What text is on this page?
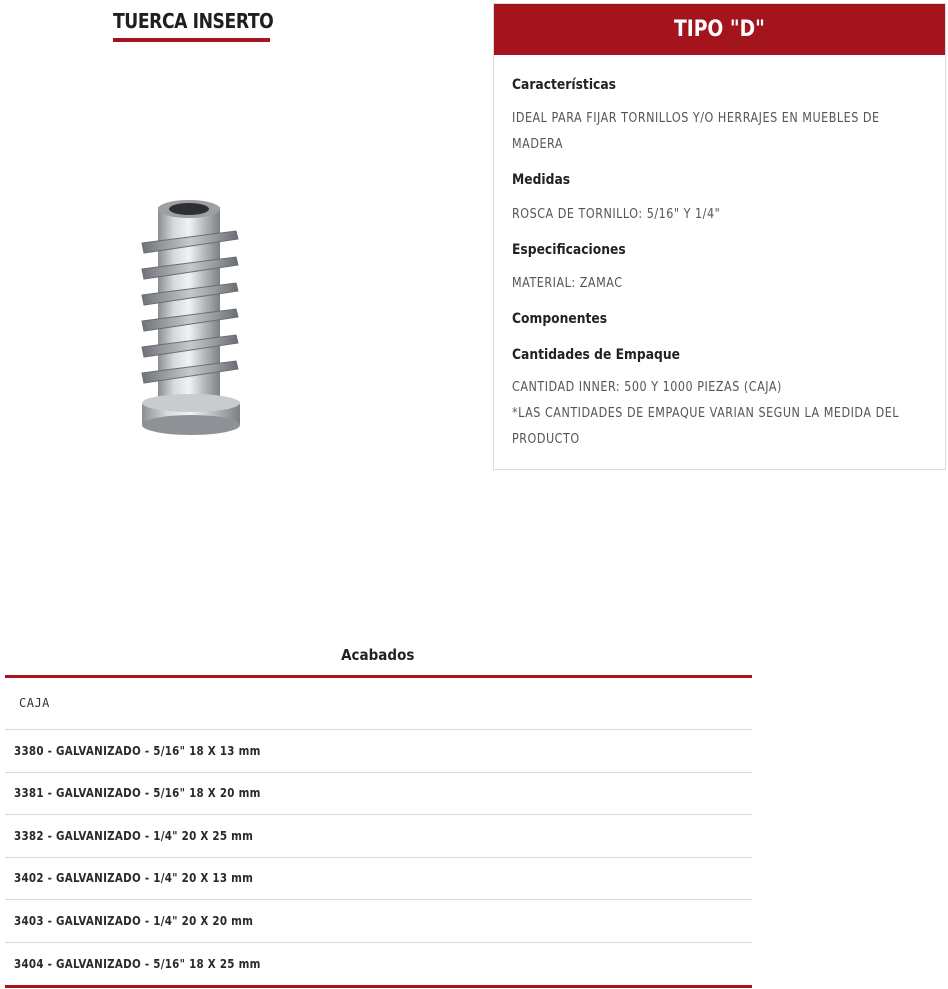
TUERCA INSERTO	TIPO "D"
Características
IDEAL PARA FIJAR TORNILLOS Y/O HERRAJES EN MUEBLES DE MADERA
Medidas
ROSCA DE TORNILLO: 5/16" Y 1/4"
Especificaciones
MATERIAL: ZAMAC
Componentes
Cantidades de Empaque
CANTIDAD INNER: 500 Y 1000 PIEZAS (CAJA)
*LAS CANTIDADES DE EMPAQUE VARIAN SEGUN LA MEDIDA DEL PRODUCTO
Acabados
CAJA
3380 - GALVANIZADO - 5/16" 18 X 13 mm
3381 - GALVANIZADO - 5/16" 18 X 20 mm
3382 - GALVANIZADO - 1/4" 20 X 25 mm
3402 - GALVANIZADO - 1/4" 20 X 13 mm
3403 - GALVANIZADO - 1/4" 20 X 20 mm
3404 - GALVANIZADO - 5/16" 18 X 25 mm
